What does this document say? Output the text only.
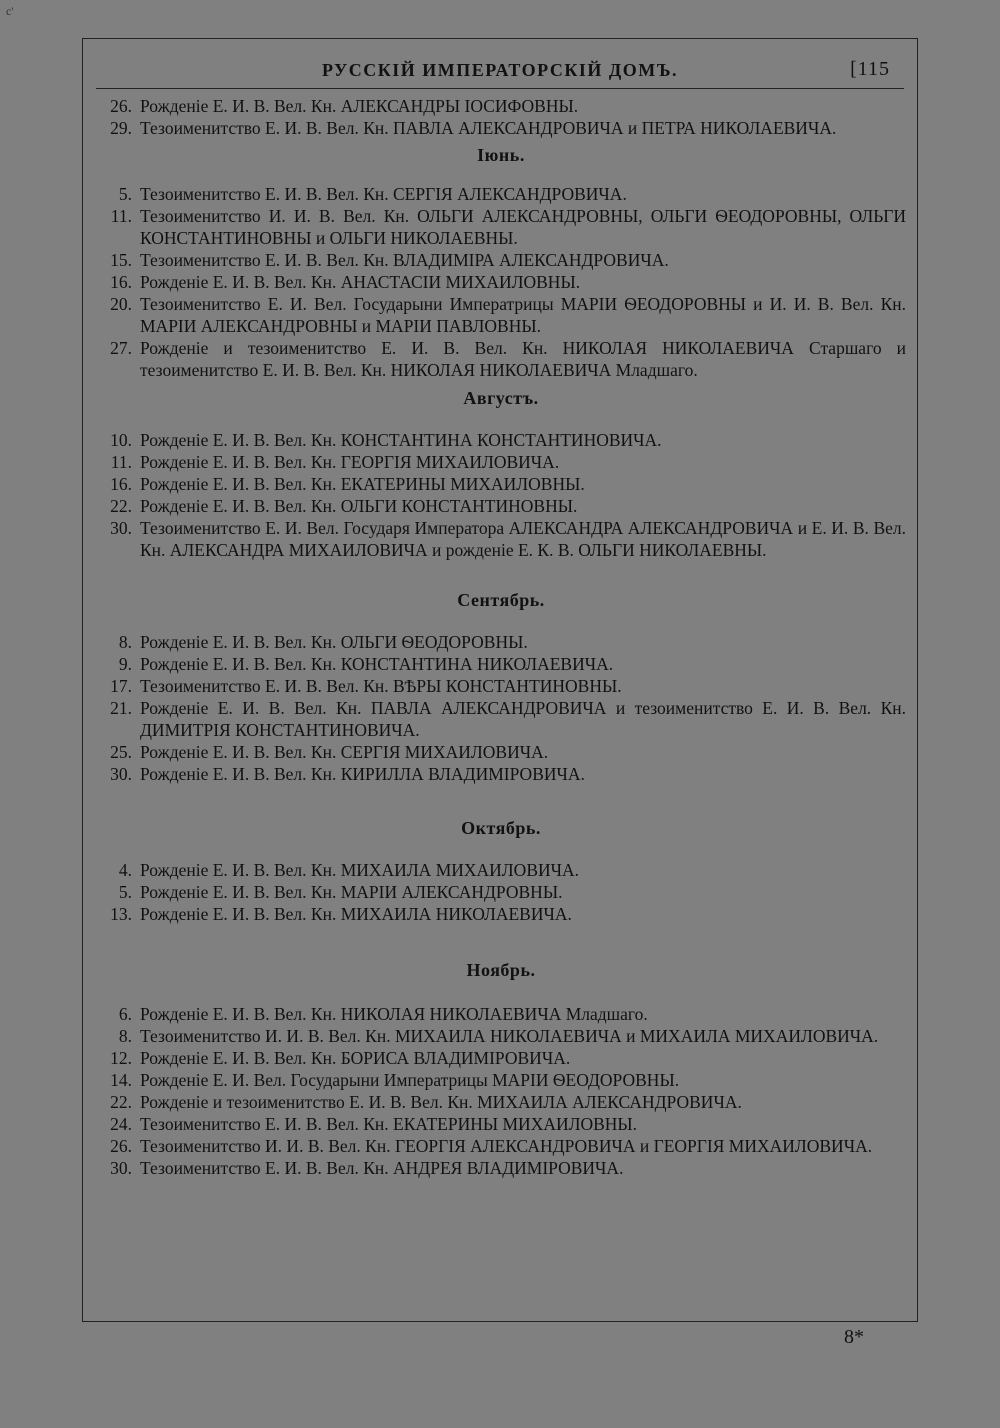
c'
РУССКІЙ ИМПЕРАТОРСКІЙ ДОМЪ.	[115
26. Рожденіе Е. И. В. Вел. Кн. АЛЕКСАНДРЫ ІОСИФОВНЫ.
29. Тезоименитство Е. И. В. Вел. Кн. ПАВЛА АЛЕКСАНДРОВИЧА и ПЕТРА НИКОЛАЕВИЧА.
Іюнь.
5. Тезоименитство Е. И. В. Вел. Кн. СЕРГІЯ АЛЕКСАНДРОВИЧА.
11. Тезоименитство И. И. В. Вел. Кн. ОЛЬГИ АЛЕКСАНДРОВНЫ, ОЛЬГИ ѲЕОДОРОВНЫ, ОЛЬГИ КОНСТАНТИНОВНЫ и ОЛЬГИ НИКОЛАЕВНЫ.
15. Тезоименитство Е. И. В. Вел. Кн. ВЛАДИМІРА АЛЕКСАНДРОВИЧА.
16. Рожденіе Е. И. В. Вел. Кн. АНАСТАСІИ МИХАИЛОВНЫ.
20. Тезоименитство Е. И. Вел. Государыни Императрицы МАРІИ ѲЕОДОРОВНЫ и И. И. В. Вел. Кн. МАРІИ АЛЕКСАНДРОВНЫ и МАРІИ ПАВЛОВНЫ.
27. Рожденіе и тезоименитство Е. И. В. Вел. Кн. НИКОЛАЯ НИКОЛАЕВИЧА Старшаго и тезоименитство Е. И. В. Вел. Кн. НИКОЛАЯ НИКОЛАЕВИЧА Младшаго.
Августъ.
10. Рожденіе Е. И. В. Вел. Кн. КОНСТАНТИНА КОНСТАНТИНОВИЧА.
11. Рожденіе Е. И. В. Вел. Кн. ГЕОРГІЯ МИХАИЛОВИЧА.
16. Рожденіе Е. И. В. Вел. Кн. ЕКАТЕРИНЫ МИХАИЛОВНЫ.
22. Рожденіе Е. И. В. Вел. Кн. ОЛЬГИ КОНСТАНТИНОВНЫ.
30. Тезоименитство Е. И. Вел. Государя Императора АЛЕКСАНДРА АЛЕКСАНДРОВИЧА и Е. И. В. Вел. Кн. АЛЕКСАНДРА МИХАИЛОВИЧА и рожденіе Е. К. В. ОЛЬГИ НИКОЛАЕВНЫ.
Сентябрь.
8. Рожденіе Е. И. В. Вел. Кн. ОЛЬГИ ѲЕОДОРОВНЫ.
9. Рожденіе Е. И. В. Вел. Кн. КОНСТАНТИНА НИКОЛАЕВИЧА.
17. Тезоименитство Е. И. В. Вел. Кн. ВѢРЫ КОНСТАНТИНОВНЫ.
21. Рожденіе Е. И. В. Вел. Кн. ПАВЛА АЛЕКСАНДРОВИЧА и тезоименитство Е. И. В. Вел. Кн. ДИМИТРІЯ КОНСТАНТИНОВИЧА.
25. Рожденіе Е. И. В. Вел. Кн. СЕРГІЯ МИХАИЛОВИЧА.
30. Рожденіе Е. И. В. Вел. Кн. КИРИЛЛА ВЛАДИМІРОВИЧА.
Октябрь.
4. Рожденіе Е. И. В. Вел. Кн. МИХАИЛА МИХАИЛОВИЧА.
5. Рожденіе Е. И. В. Вел. Кн. МАРІИ АЛЕКСАНДРОВНЫ.
13. Рожденіе Е. И. В. Вел. Кн. МИХАИЛА НИКОЛАЕВИЧА.
Ноябрь.
6. Рожденіе Е. И. В. Вел. Кн. НИКОЛАЯ НИКОЛАЕВИЧА Младшаго.
8. Тезоименитство И. И. В. Вел. Кн. МИХАИЛА НИКОЛАЕВИЧА и МИХАИЛА МИХАИЛОВИЧА.
12. Рожденіе Е. И. В. Вел. Кн. БОРИСА ВЛАДИМІРОВИЧА.
14. Рожденіе Е. И. Вел. Государыни Императрицы МАРІИ ѲЕОДОРОВНЫ.
22. Рожденіе и тезоименитство Е. И. В. Вел. Кн. МИХАИЛА АЛЕКСАНДРОВИЧА.
24. Тезоименитство Е. И. В. Вел. Кн. ЕКАТЕРИНЫ МИХАИЛОВНЫ.
26. Тезоименитство И. И. В. Вел. Кн. ГЕОРГІЯ АЛЕКСАНДРОВИЧА и ГЕОРГІЯ МИХАИЛОВИЧА.
30. Тезоименитство Е. И. В. Вел. Кн. АНДРЕЯ ВЛАДИМІРОВИЧА.
8*
